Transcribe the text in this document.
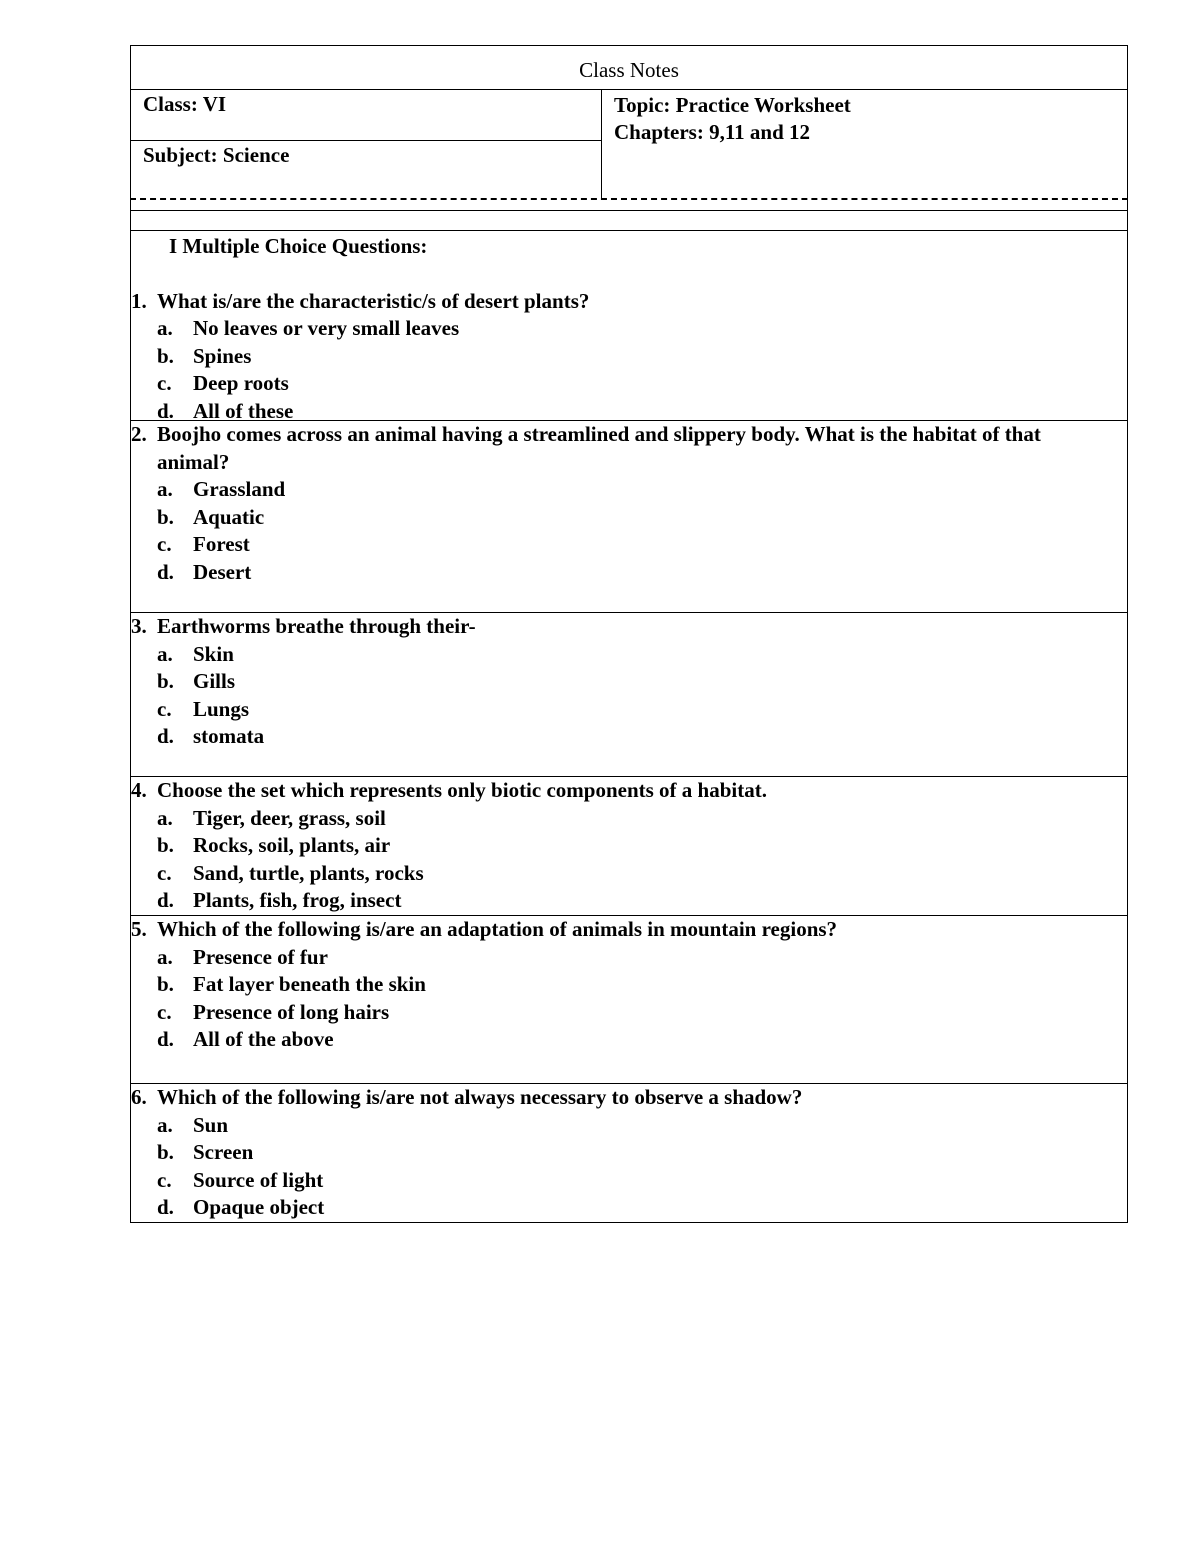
Class Notes
Class: VI
Subject: Science
Topic: Practice Worksheet
Chapters: 9,11 and 12
I Multiple Choice Questions:
1. What is/are the characteristic/s of desert plants?
a. No leaves or very small leaves
b. Spines
c.	Deep roots
d. All of these
2. Boojho comes across an animal having a streamlined and slippery body. What is the habitat of that animal?
a. Grassland
b. Aquatic
c.	Forest
d. Desert
3. Earthworms breathe through their-
a. Skin
b. Gills
c.	Lungs
d. stomata
4. Choose the set which represents only biotic components of a habitat.
a. Tiger, deer, grass, soil
b. Rocks, soil, plants, air
c.	Sand, turtle, plants, rocks
d. Plants, fish, frog, insect
5. Which of the following is/are an adaptation of animals in mountain regions?
a. Presence of fur
b. Fat layer beneath the skin
c.	Presence of long hairs
d. All of the above
6. Which of the following is/are not always necessary to observe a shadow?
a. Sun
b. Screen
c.	Source of light
d. Opaque object
